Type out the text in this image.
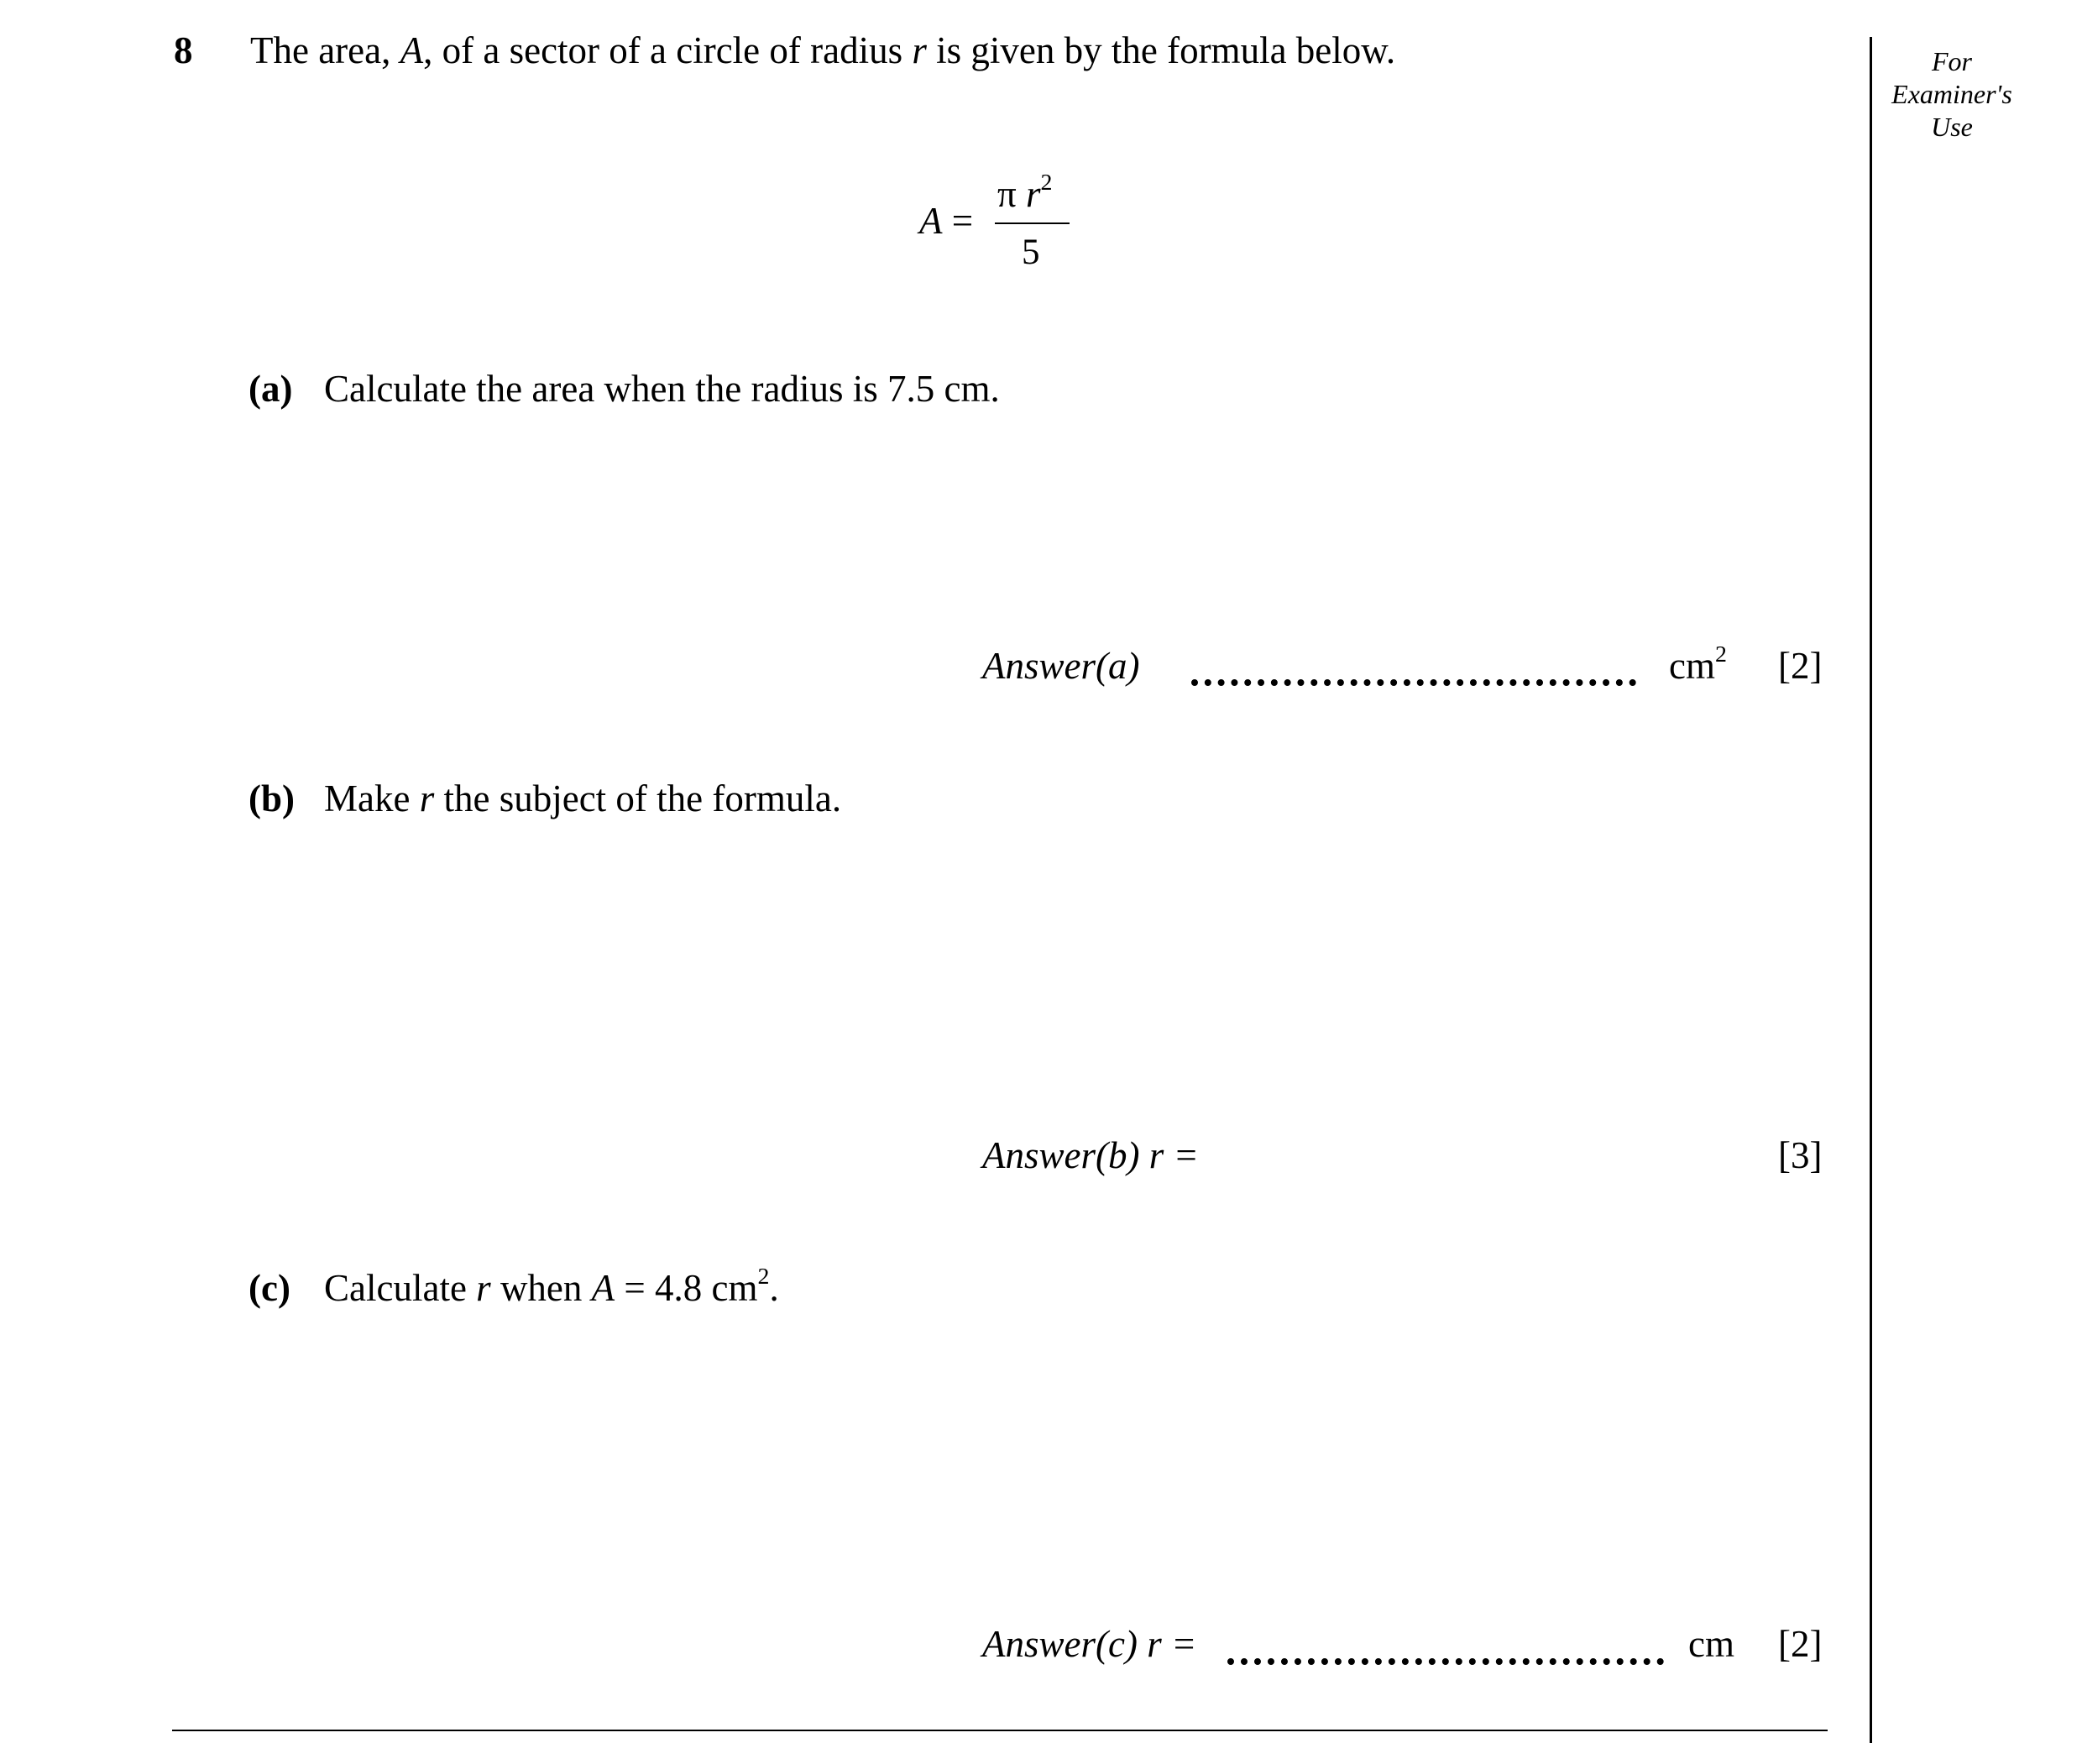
For Examiner's Use
8 The area, A, of a sector of a circle of radius r is given by the formula below.
A =
π $r^2$
5
(a) Calculate the area when the radius is 7.5 cm.
Answer(a)	$cm^2$ [2]
(b) Make r the subject of the formula.
Answer(b) r =	[3]
(c) Calculate r when A = 4.8 $cm^2$.
Answer(c) r =	cm [2]
